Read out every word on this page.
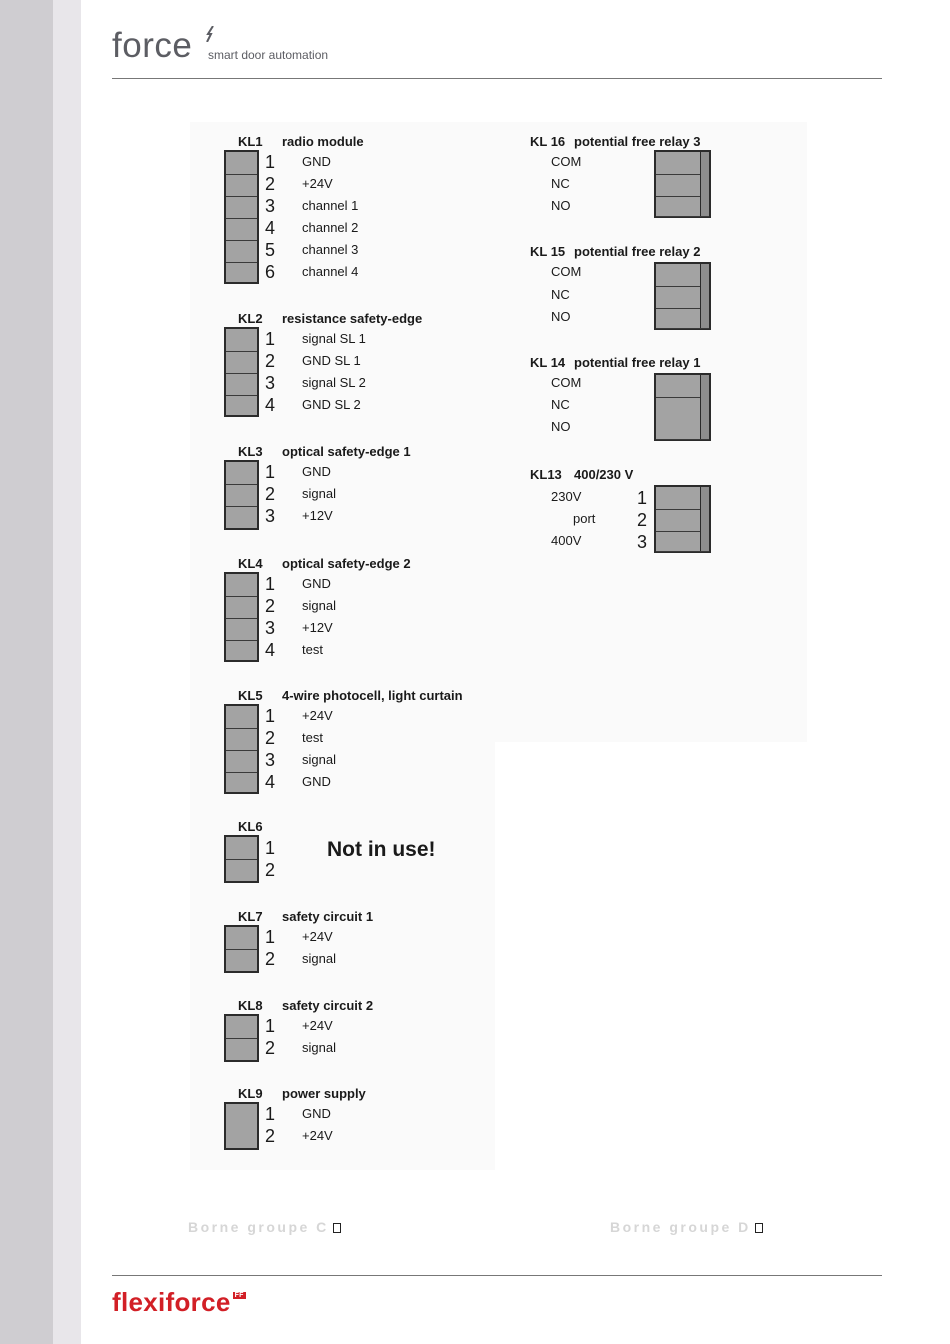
force smart door automation
KL1 radio module
1
2
3
4
5
6
GND
+24V
channel 1
channel 2
channel 3
channel 4
KL2 resistance safety-edge
1
2
3
4
signal SL 1
GND SL 1
signal SL 2
GND SL 2
KL3 optical safety-edge 1
1
2
3
GND
signal
+12V
KL4 optical safety-edge 2
1
2
3
4
GND
signal
+12V
test
KL5 4-wire photocell, light curtain
1
2
3
4
+24V
test
signal
GND
KL6
1
2
Not in use!
KL7 safety circuit 1
1
2
+24V
signal
KL8 safety circuit 2
1
2
+24V
signal
KL9 power supply
1
2
GND
+24V
KL 16 potential free relay 3
COM
NC
NO
KL 15 potential free relay 2
COM
NC
NO
KL 14 potential free relay 1
COM
NC
NO
KL13 400/230 V
230V
port
400V
1
2
3
Borne groupe C	Borne groupe D
flexiforce FF
